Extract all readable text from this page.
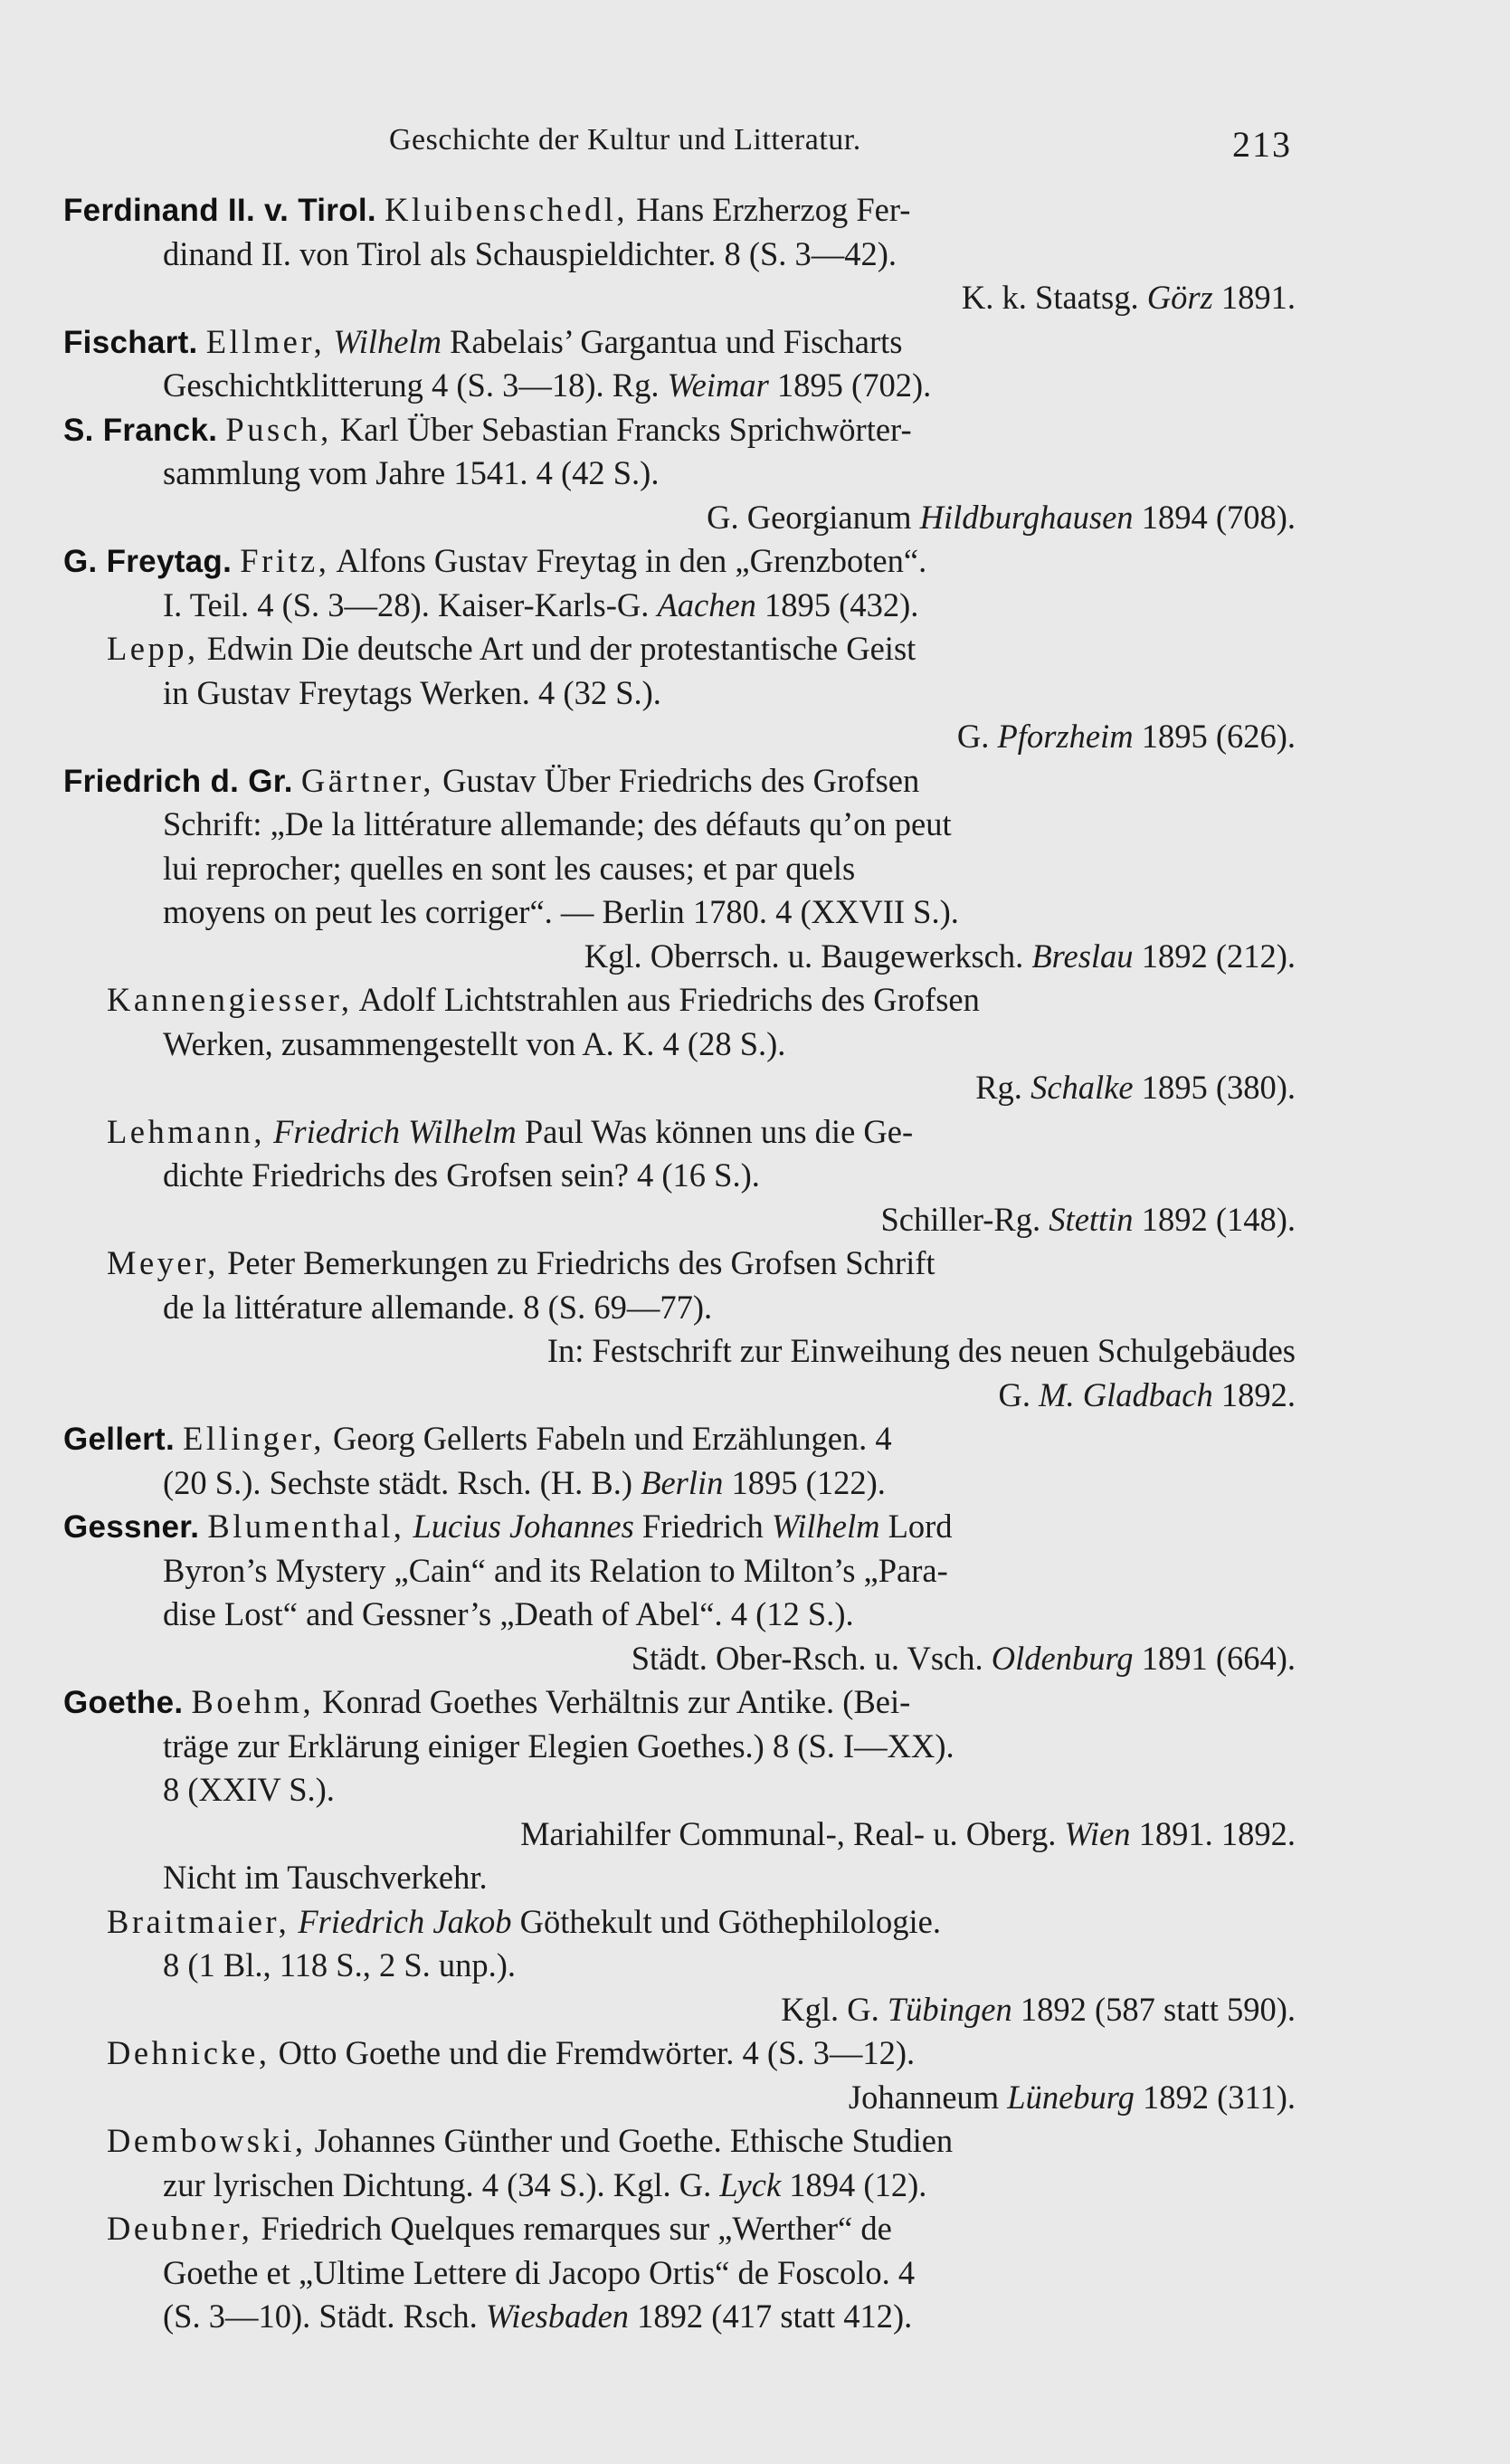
Geschichte der Kultur und Litteratur.	213
Ferdinand II. v. Tirol. Kluibenschedl, Hans Erzherzog Fer-
dinand II. von Tirol als Schauspieldichter. 8 (S. 3—42).
K. k. Staatsg. Görz 1891.
Fischart. Ellmer, Wilhelm Rabelais’ Gargantua und Fischarts
Geschichtklitterung 4 (S. 3—18). Rg. Weimar 1895 (702).
S. Franck. Pusch, Karl Über Sebastian Francks Sprichwörter-
sammlung vom Jahre 1541. 4 (42 S.).
G. Georgianum Hildburghausen 1894 (708).
G. Freytag. Fritz, Alfons Gustav Freytag in den „Grenzboten“.
I. Teil. 4 (S. 3—28). Kaiser-Karls-G. Aachen 1895 (432).
Lepp, Edwin Die deutsche Art und der protestantische Geist
in Gustav Freytags Werken. 4 (32 S.).
G. Pforzheim 1895 (626).
Friedrich d. Gr. Gärtner, Gustav Über Friedrichs des Grofsen
Schrift: „De la littérature allemande; des défauts qu’on peut
lui reprocher; quelles en sont les causes; et par quels
moyens on peut les corriger“. — Berlin 1780. 4 (XXVII S.).
Kgl. Oberrsch. u. Baugewerksch. Breslau 1892 (212).
Kannengiesser, Adolf Lichtstrahlen aus Friedrichs des Grofsen
Werken, zusammengestellt von A. K. 4 (28 S.).
Rg. Schalke 1895 (380).
Lehmann, Friedrich Wilhelm Paul Was können uns die Ge-
dichte Friedrichs des Grofsen sein? 4 (16 S.).
Schiller-Rg. Stettin 1892 (148).
Meyer, Peter Bemerkungen zu Friedrichs des Grofsen Schrift
de la littérature allemande. 8 (S. 69—77).
In: Festschrift zur Einweihung des neuen Schulgebäudes
G. M. Gladbach 1892.
Gellert. Ellinger, Georg Gellerts Fabeln und Erzählungen. 4
(20 S.). Sechste städt. Rsch. (H. B.) Berlin 1895 (122).
Gessner. Blumenthal, Lucius Johannes Friedrich Wilhelm Lord
Byron’s Mystery „Cain“ and its Relation to Milton’s „Para-
dise Lost“ and Gessner’s „Death of Abel“. 4 (12 S.).
Städt. Ober-Rsch. u. Vsch. Oldenburg 1891 (664).
Goethe. Boehm, Konrad Goethes Verhältnis zur Antike. (Bei-
träge zur Erklärung einiger Elegien Goethes.) 8 (S. I—XX).
8 (XXIV S.).
Mariahilfer Communal-, Real- u. Oberg. Wien 1891. 1892.
Nicht im Tauschverkehr.
Braitmaier, Friedrich Jakob Göthekult und Göthephilologie.
8 (1 Bl., 118 S., 2 S. unp.).
Kgl. G. Tübingen 1892 (587 statt 590).
Dehnicke, Otto Goethe und die Fremdwörter. 4 (S. 3—12).
Johanneum Lüneburg 1892 (311).
Dembowski, Johannes Günther und Goethe. Ethische Studien
zur lyrischen Dichtung. 4 (34 S.). Kgl. G. Lyck 1894 (12).
Deubner, Friedrich Quelques remarques sur „Werther“ de
Goethe et „Ultime Lettere di Jacopo Ortis“ de Foscolo. 4
(S. 3—10). Städt. Rsch. Wiesbaden 1892 (417 statt 412).
